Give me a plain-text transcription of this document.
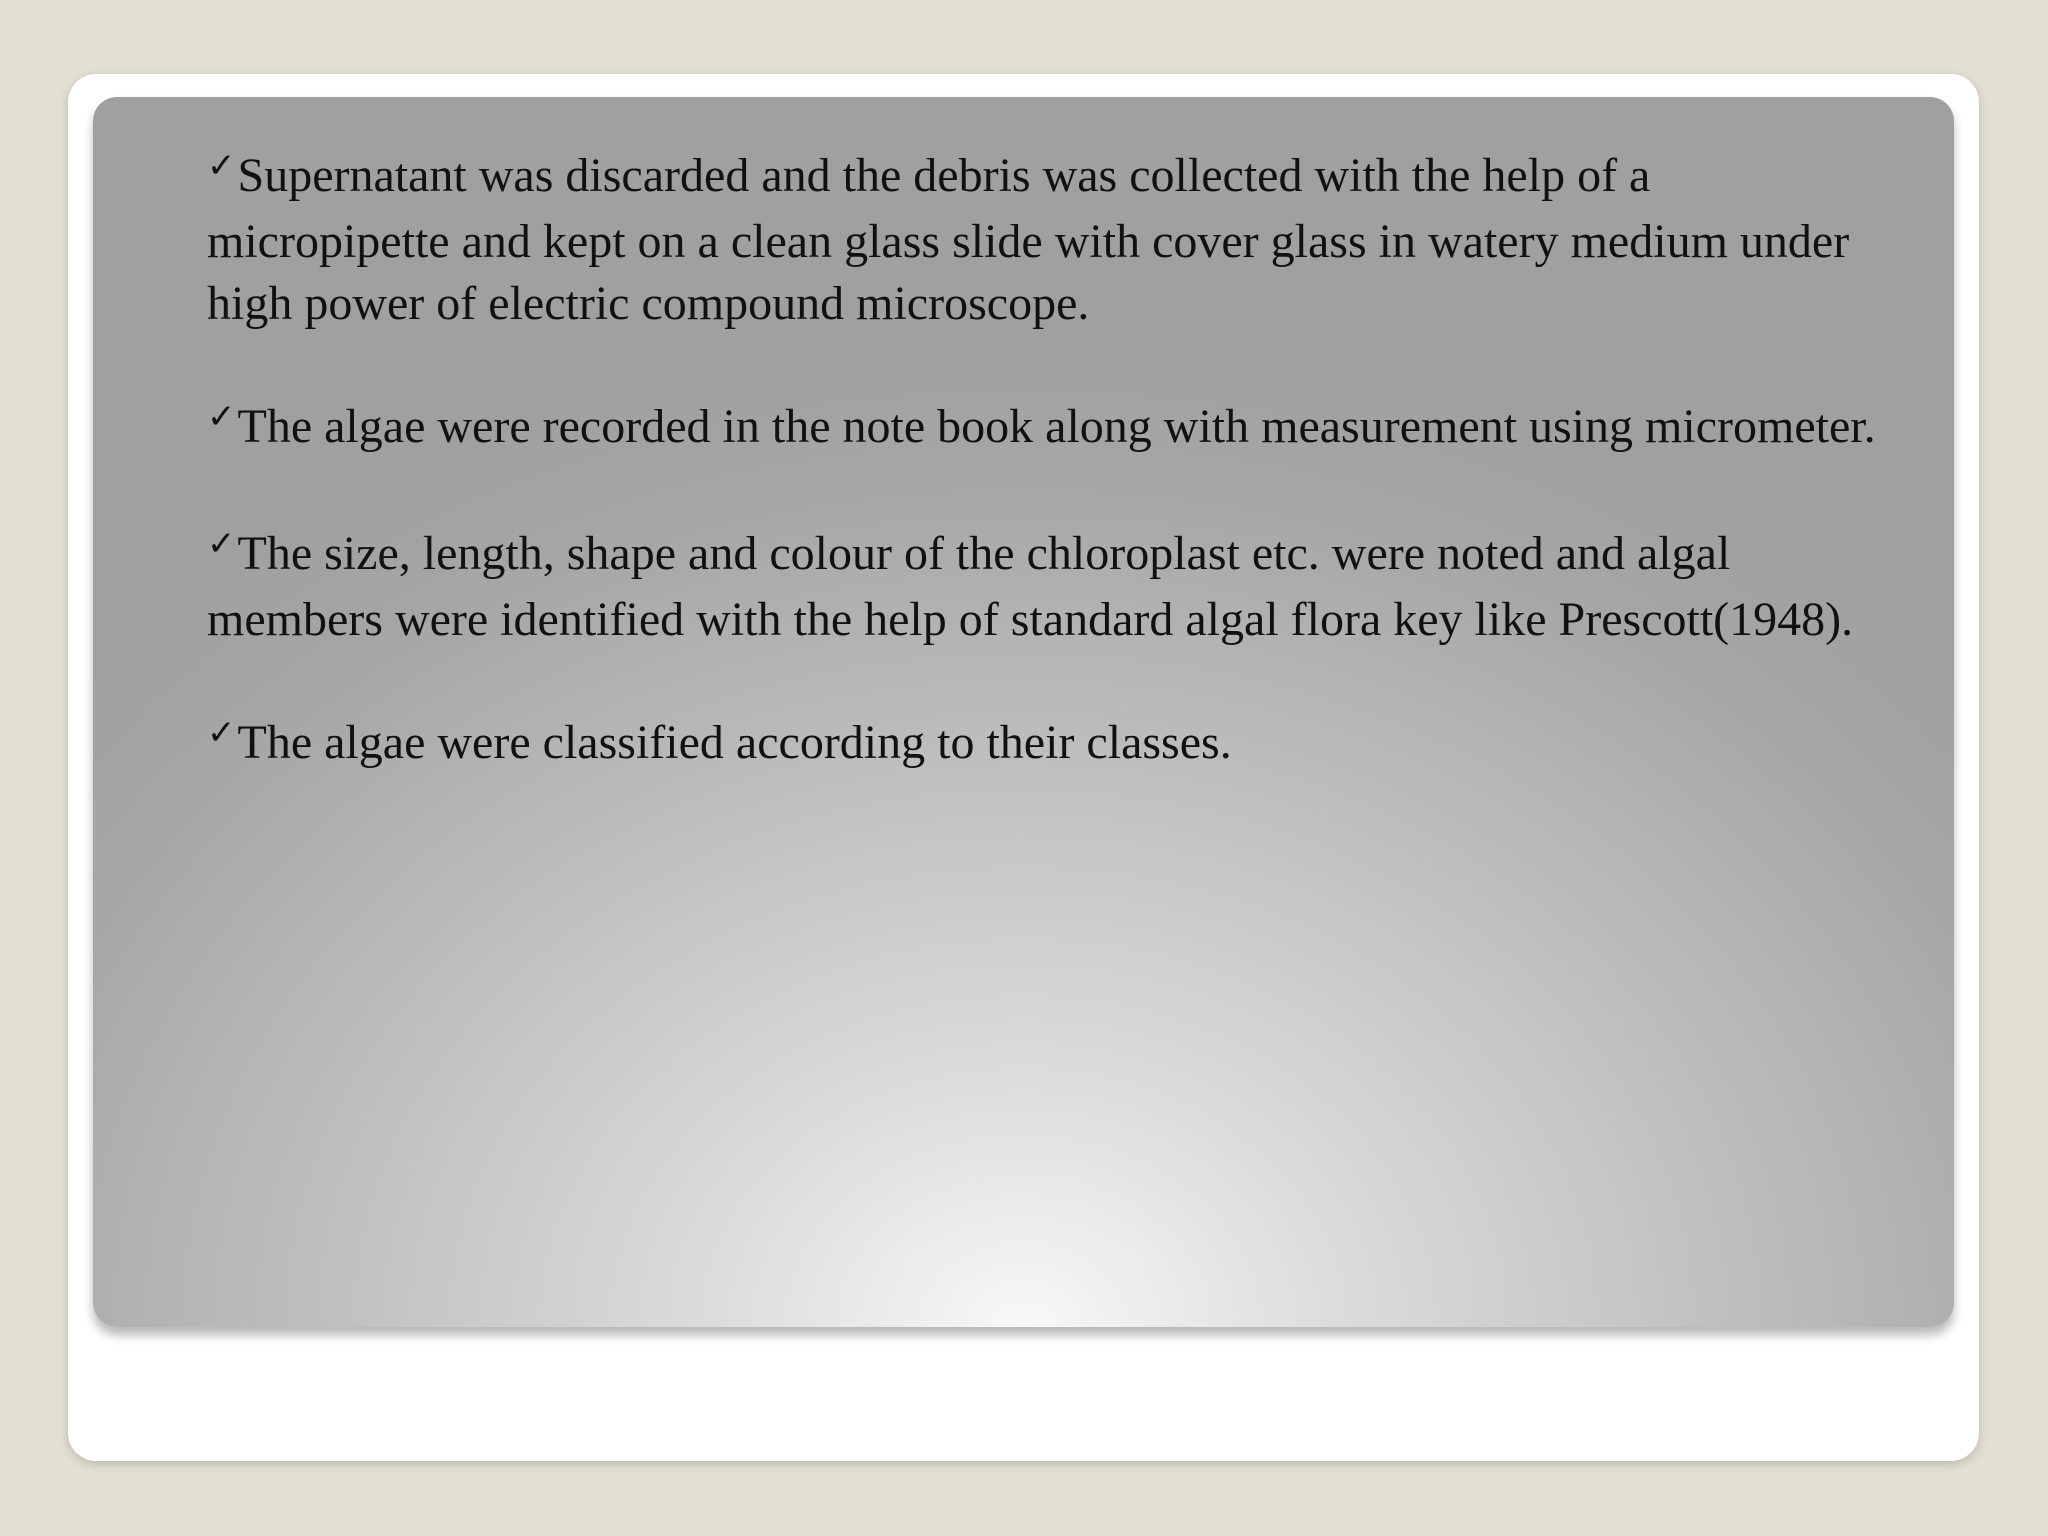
✓Supernatant was discarded and the debris was collected with the help of a micropipette and kept on a clean glass slide with cover glass in watery medium under high power of electric compound microscope.
✓The algae were recorded in the note book along with measurement using micrometer.
✓The size, length, shape and colour of the chloroplast etc. were noted and algal members were identified with the help of standard algal flora key like Prescott(1948).
✓The algae were classified according to their classes.
